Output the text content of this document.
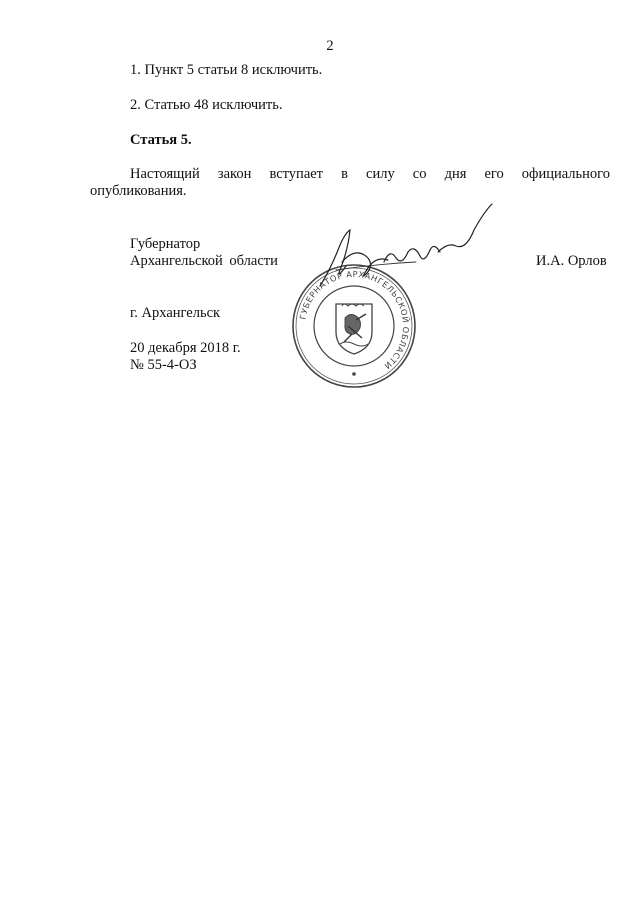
2
1. Пункт 5 статьи 8 исключить.
2. Статью 48 исключить.
Статья 5.
Настоящий закон вступает в силу со дня его официального
опубликования.
Губернатор
Архангельской области	И.А. Орлов
г. Архангельск
20 декабря 2018 г.
№ 55-4-ОЗ
ГУБЕРНАТОР АРХАНГЕЛЬСКОЙ ОБЛАСТИ
